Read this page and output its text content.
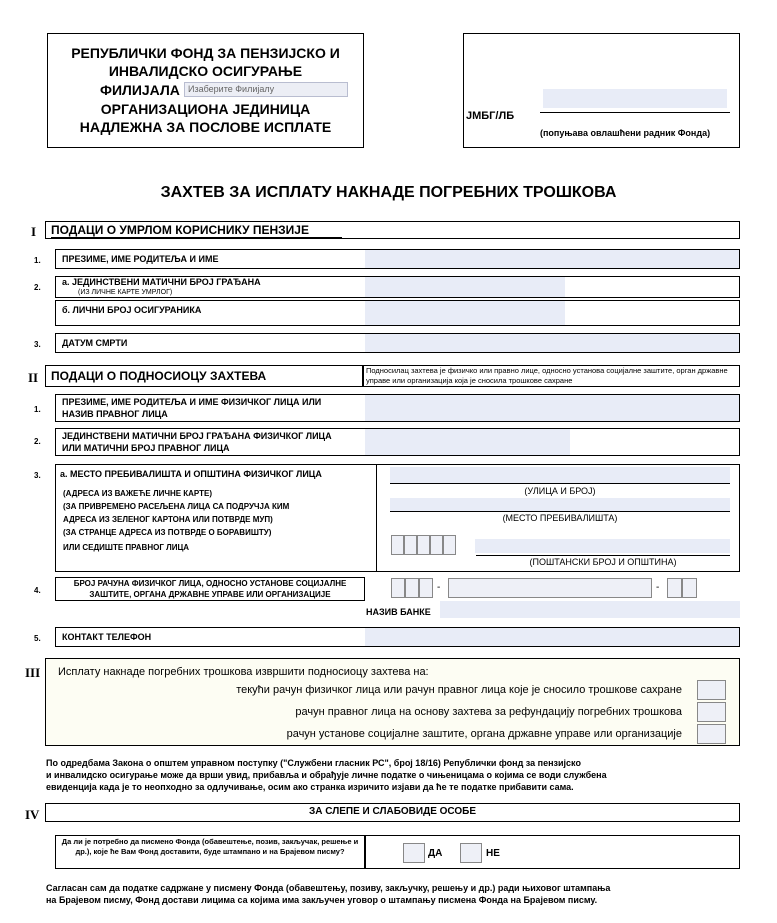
РЕПУБЛИЧКИ ФОНД ЗА ПЕНЗИЈСКО И
ИНВАЛИДСКО ОСИГУРАЊЕ
ФИЛИЈАЛА Изаберите Филијалу
ОРГАНИЗАЦИОНА ЈЕДИНИЦА
НАДЛЕЖНА ЗА ПОСЛОВЕ ИСПЛАТЕ
ЈМБГ/ЛБ
(попуњава овлашћени радник Фонда)
ЗАХТЕВ ЗА ИСПЛАТУ НАКНАДЕ ПОГРЕБНИХ ТРОШКОВА
I ПОДАЦИ О УМРЛОМ КОРИСНИКУ ПЕНЗИЈЕ
1. ПРЕЗИМЕ, ИМЕ РОДИТЕЉА И ИМЕ
2.
а. ЈЕДИНСТВЕНИ МАТИЧНИ БРОЈ ГРАЂАНА
(ИЗ ЛИЧНЕ КАРТЕ УМРЛОГ)
б. ЛИЧНИ БРОЈ ОСИГУРАНИКА
3. ДАТУМ СМРТИ
II ПОДАЦИ О ПОДНОСИОЦУ ЗАХТЕВА	Подносилац захтева је физичко или правно лице, односно установа социјалне заштите, орган државне управе или организација која је сносила трошкове сахране
1.
ПРЕЗИМЕ, ИМЕ РОДИТЕЉА И ИМЕ ФИЗИЧКОГ ЛИЦА ИЛИ
НАЗИВ ПРАВНОГ ЛИЦА
2.
ЈЕДИНСТВЕНИ МАТИЧНИ БРОЈ ГРАЂАНА ФИЗИЧКОГ ЛИЦА
ИЛИ МАТИЧНИ БРОЈ ПРАВНОГ ЛИЦА
3. а. МЕСТО ПРЕБИВАЛИШТА И ОПШТИНА ФИЗИЧКОГ ЛИЦА
(АДРЕСА ИЗ ВАЖЕЋЕ ЛИЧНЕ КАРТЕ)
(ЗА ПРИВРЕМЕНО РАСЕЉЕНА ЛИЦА СА ПОДРУЧЈА КИМ
АДРЕСА ИЗ ЗЕЛЕНОГ КАРТОНА ИЛИ ПОТВРДЕ МУП)
(ЗА СТРАНЦЕ АДРЕСА ИЗ ПОТВРДЕ О БОРАВИШТУ)
ИЛИ СЕДИШТЕ ПРАВНОГ ЛИЦА
(УЛИЦА И БРОЈ)
(МЕСТО ПРЕБИВАЛИШТА)
(ПОШТАНСКИ БРОЈ И ОПШТИНА)
4.
БРОЈ РАЧУНА ФИЗИЧКОГ ЛИЦА, ОДНОСНО УСТАНОВЕ СОЦИЈАЛНЕ
ЗАШТИТЕ, ОРГАНА ДРЖАВНЕ УПРАВЕ ИЛИ ОРГАНИЗАЦИЈЕ
-	-
НАЗИВ БАНКЕ
5. КОНТАКТ ТЕЛЕФОН
III Исплату накнаде погребних трошкова извршити подносиоцу захтева на:
текући рачун физичког лица или рачун правног лица које је сносило трошкове сахране
рачун правног лица на основу захтева за рефундацију погребних трошкова
рачун установе социјалне заштите, органа државне управе или организације
По одредбама Закона о општем управном поступку ("Службени гласник РС", број 18/16) Републички фонд за пензијско
и инвалидско осигурање може да врши увид, прибавља и обрађује личне податке о чињеницама о којима се води службена
евиденција када је то неопходно за одлучивање, осим ако странка изричито изјави да ће те податке прибавити сама.
IV	ЗА СЛЕПЕ И СЛАБОВИДЕ ОСОБЕ
Да ли је потребно да писмено Фонда (обавештење, позив, закључак, решење и др.), које ће Вам Фонд доставити, буде штампано и на Брајевом писму?	ДА	НЕ
Сагласан сам да податке садржане у писмену Фонда (обавештењу, позиву, закључку, решењу и др.) ради њиховог штампања
на Брајевом писму, Фонд достави лицима са којима има закључен уговор о штампању писмена Фонда на Брајевом писму.
